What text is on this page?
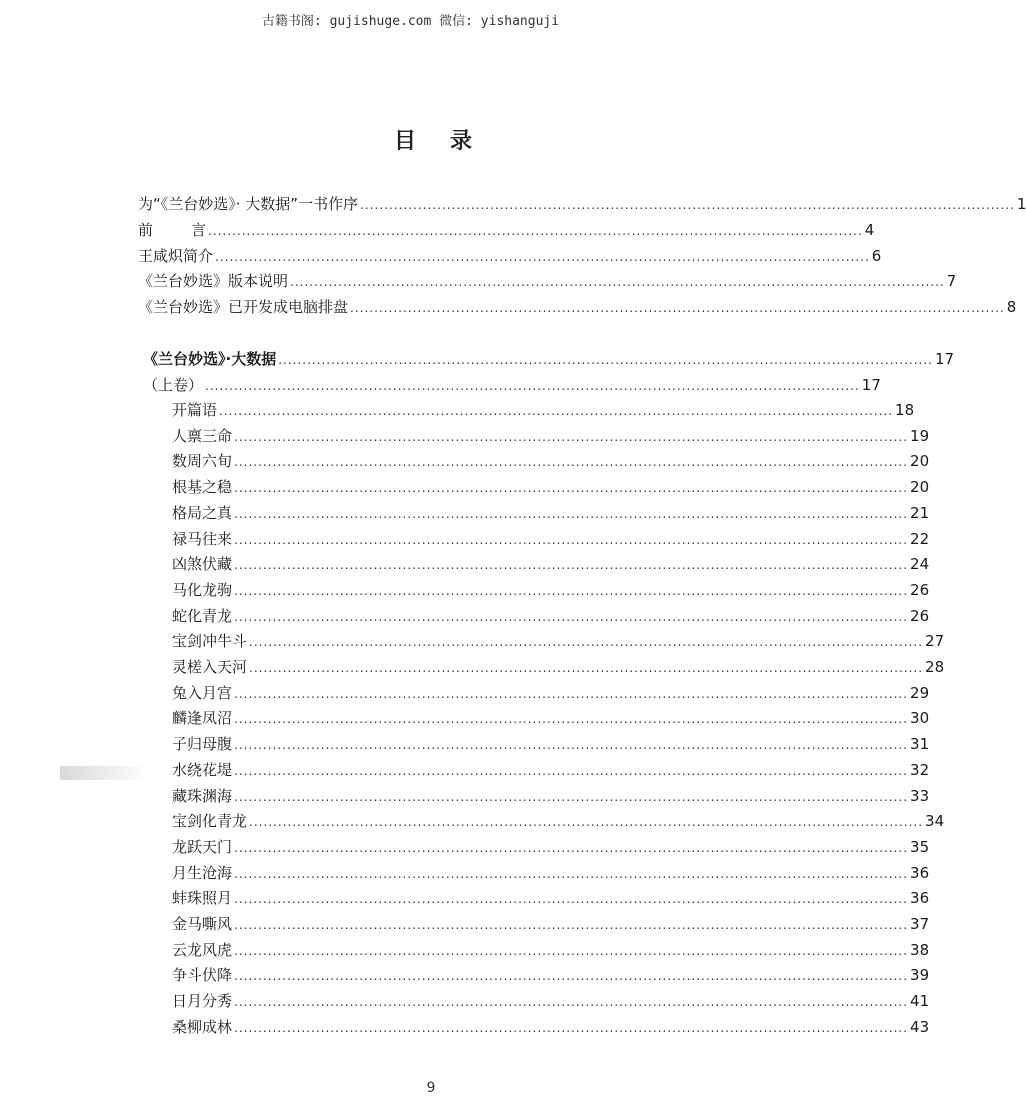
古籍书阁: gujishuge.com 微信: yishanguji
目 录
为“《兰台妙选》· 大数据”一书作序 ........................................................................................................................................ 1
前	言 ........................................................................................................................................ 4
王咸炽简介 ........................................................................................................................................ 6
《兰台妙选》版本说明 ........................................................................................................................................ 7
《兰台妙选》已开发成电脑排盘 ........................................................................................................................................ 8
《兰台妙选》·大数据 ........................................................................................................................................ 17
（上卷） ........................................................................................................................................ 17
开篇语 ............................................................................................................................................ 18
人禀三命 ............................................................................................................................................ 19
数周六旬 ............................................................................................................................................ 20
根基之稳 ............................................................................................................................................ 20
格局之真 ............................................................................................................................................ 21
禄马往来 ............................................................................................................................................ 22
凶煞伏藏 ............................................................................................................................................ 24
马化龙驹 ............................................................................................................................................ 26
蛇化青龙 ............................................................................................................................................ 26
宝剑冲牛斗 ............................................................................................................................................ 27
灵槎入天河 ............................................................................................................................................ 28
兔入月宫 ............................................................................................................................................ 29
麟逢凤沼 ............................................................................................................................................ 30
子归母腹 ............................................................................................................................................ 31
水绕花堤 ............................................................................................................................................ 32
藏珠渊海 ............................................................................................................................................ 33
宝剑化青龙 ............................................................................................................................................ 34
龙跃天门 ............................................................................................................................................ 35
月生沧海 ............................................................................................................................................ 36
蚌珠照月 ............................................................................................................................................ 36
金马嘶风 ............................................................................................................................................ 37
云龙风虎 ............................................................................................................................................ 38
争斗伏降 ............................................................................................................................................ 39
日月分秀 ............................................................................................................................................ 41
桑柳成林 ............................................................................................................................................ 43
9
